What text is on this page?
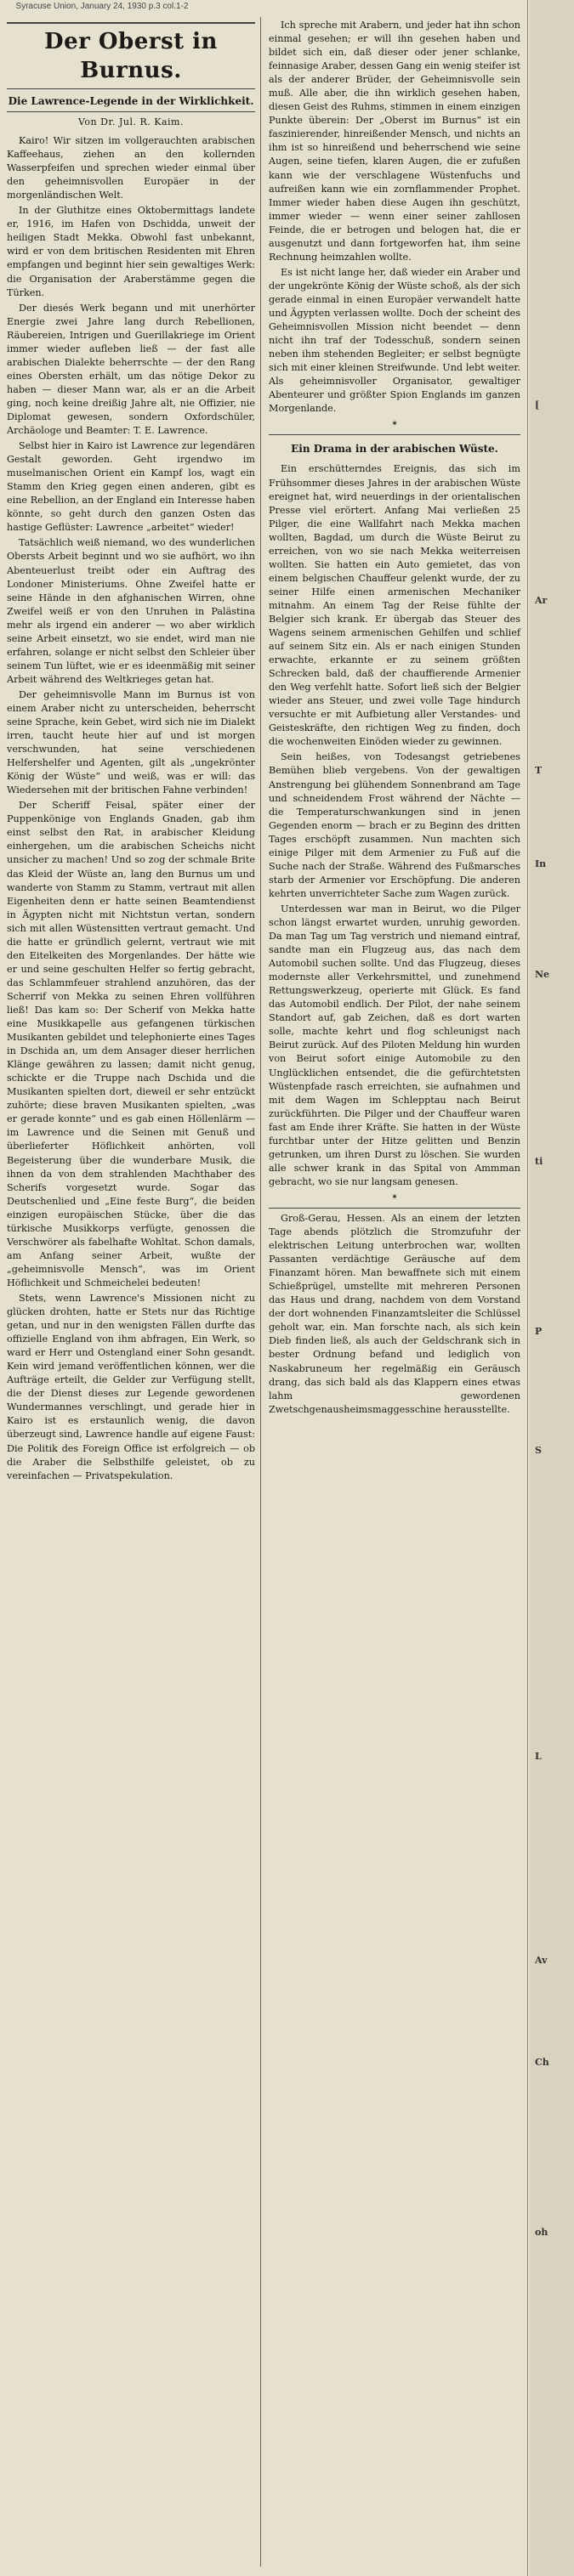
Syracuse Union, January 24, 1930 p.3 col.1-2
Der Oberst in Burnus.
Die Lawrence-Legende in der Wirklichkeit.
Von Dr. Jul. R. Kaim.

Kairo! Wir sitzen im vollgerauchten arabischen Kaffeehaus, ziehen an den kollernden Wasserpfeifen und sprechen wieder einmal über den geheimnisvollen Europäer in der morgenländischen Welt.

In der Gluthitze eines Oktobermittags landete er, 1916, im Hafen von Dschidda, unweit der heiligen Stadt Mekka. Obwohl fast unbekannt, wird er von dem britischen Residenten mit Ehren empfangen und beginnt hier sein gewaltiges Werk: die Organisation der Araberstämme gegen die Türken.

Der diesés Werk begann und mit unerhörter Energie zwei Jahre lang durch Rebellionen, Räubereien, Intrigen und Guerillakriege im Orient immer wieder aufleben ließ — der fast alle arabischen Dialekte beherrschte — der den Rang eines Obersten erhält, um das nötige Dekor zu haben — dieser Mann war, als er an die Arbeit ging, noch keine dreißig Jahre alt, nie Offizier, nie Diplomat gewesen, sondern Oxfordschüler, Archäologe und Beamter: T. E. Lawrence.

Selbst hier in Kairo ist Lawrence zur legendären Gestalt geworden. Geht irgendwo im muselmanischen Orient ein Kampf los, wagt ein Stamm den Krieg gegen einen anderen, gibt es eine Rebellion, an der England ein Interesse haben könnte, so geht durch den ganzen Osten das hastige Geflüster: Lawrence „arbeitet“ wieder!

Tatsächlich weiß niemand, wo des wunderlichen Obersts Arbeit beginnt und wo sie aufhört, wo ihn Abenteuerlust treibt oder ein Auftrag des Londoner Ministeriums. Ohne Zweifel hatte er seine Hände in den afghanischen Wirren, ohne Zweifel weiß er von den Unruhen in Palästina mehr als irgend ein anderer — wo aber wirklich seine Arbeit einsetzt, wo sie endet, wird man nie erfahren, solange er nicht selbst den Schleier über seinem Tun lüftet, wie er es ideenmäßig mit seiner Arbeit während des Weltkrieges getan hat.

Der geheimnisvolle Mann im Burnus ist von einem Araber nicht zu unterscheiden, beherrscht seine Sprache, kein Gebet, wird sich nie im Dialekt irren, taucht heute hier auf und ist morgen verschwunden, hat seine verschiedenen Helfershelfer und Agenten, gilt als „ungekrönter König der Wüste“ und weiß, was er will: das Wiedersehen mit der britischen Fahne verbinden!

Der Scheriff Feisal, später einer der Puppenkönige von Englands Gnaden, gab ihm einst selbst den Rat, in arabischer Kleidung einhergehen, um die arabischen Scheichs nicht unsicher zu machen! Und so zog der schmale Brite das Kleid der Wüste an, lang den Burnus um und wanderte von Stamm zu Stamm, vertraut mit allen Eigenheiten denn er hatte seinen Beamtendienst in Ägypten nicht mit Nichtstun vertan, sondern sich mit allen Wüstensitten vertraut gemacht. Und die hatte er gründlich gelernt, vertraut wie mit den Eitelkeiten des Morgenlandes. Der hätte wie er und seine geschulten Helfer so fertig gebracht, das Schlammfeuer strahlend anzuhören, das der Scherrif von Mekka zu seinen Ehren vollführen ließ! Das kam so: Der Scherif von Mekka hatte eine Musikkapelle aus gefangenen türkischen Musikanten gebildet und telephonierte eines Tages in Dschida an, um dem Ansager dieser herrlichen Klänge gewähren zu lassen; damit nicht genug, schickte er die Truppe nach Dschida und die Musikanten spielten dort, dieweil er sehr entzückt zuhörte; diese braven Musikanten spielten, „was er gerade konnte“ und es gab einen Höllenlärm — im Lawrence und die Seinen mit Genuß und überlieferter Höflichkeit anhörten, voll Begeisterung über die wunderbare Musik, die ihnen da von dem strahlenden Machthaber des Scherifs vorgesetzt wurde. Sogar das Deutschenlied und „Eine feste Burg“, die beiden einzigen europäischen Stücke, über die das türkische Musikkorps verfügte, genossen die Verschwörer als fabelhafte Wohltat. Schon damals, am Anfang seiner Arbeit, wußte der „geheimnisvolle Mensch“, was im Orient Höflichkeit und Schmeichelei bedeuten!

Stets, wenn Lawrence's Missionen nicht zu glücken drohten, hatte er Stets nur das Richtige getan, und nur in den wenigsten Fällen durfte das offizielle England von ihm abfragen, Ein Werk, so ward er Herr und Ostengland einer Sohn gesandt. Kein wird jemand veröffentlichen können, wer die Aufträge erteilt, die Gelder zur Verfügung stellt, die der Dienst dieses zur Legende gewordenen Wundermannes verschlingt, und gerade hier in Kairo ist es erstaunlich wenig, die davon überzeugt sind, Lawrence handle auf eigene Faust: Die Politik des Foreign Office ist erfolgreich — ob die Araber die Selbsthilfe geleistet, ob zu vereinfachen — Privatspekulation.

Ich spreche mit Arabern, und jeder hat ihn schon einmal gesehen; er will ihn gesehen haben und bildet sich ein, daß dieser oder jener schlanke, feinnasige Araber, dessen Gang ein wenig steifer ist als der anderer Brüder, der Geheimnisvolle sein muß. Alle aber, die ihn wirklich gesehen haben, diesen Geist des Ruhms, stimmen in einem einzigen Punkte überein: Der „Oberst im Burnus“ ist ein faszinierender, hinreißender Mensch, und nichts an ihm ist so hinreißend und beherrschend wie seine Augen, seine tiefen, klaren Augen, die er zufußen kann wie der verschlagene Wüstenfuchs und aufreißen kann wie ein zornflammender Prophet. Immer wieder haben diese Augen ihn geschützt, immer wieder — wenn einer seiner zahllosen Feinde, die er betrogen und belogen hat, die er ausgenutzt und dann fortgeworfen hat, ihm seine Rechnung heimzahlen wollte.

Es ist nicht lange her, daß wieder ein Araber und der ungekrönte König der Wüste schoß, als der sich gerade einmal in einen Europäer verwandelt hatte und Ägypten verlassen wollte. Doch der scheint des Geheimnisvollen Mission nicht beendet — denn nicht ihn traf der Todesschuß, sondern seinen neben ihm stehenden Begleiter; er selbst begnügte sich mit einer kleinen Streifwunde. Und lebt weiter. Als geheimnisvoller Organisator, gewaltiger Abenteurer und größter Spion Englands im ganzen Morgenlande.

✶
Ein Drama in der arabischen Wüste.

Ein erschütterndes Ereignis, das sich im Frühsommer dieses Jahres in der arabischen Wüste ereignet hat, wird neuerdings in der orientalischen Presse viel erörtert. Anfang Mai verließen 25 Pilger, die eine Wallfahrt nach Mekka machen wollten, Bagdad, um durch die Wüste Beirut zu erreichen, von wo sie nach Mekka weiterreisen wollten. Sie hatten ein Auto gemietet, das von einem belgischen Chauffeur gelenkt wurde, der zu seiner Hilfe einen armenischen Mechaniker mitnahm. An einem Tag der Reise fühlte der Belgier sich krank. Er übergab das Steuer des Wagens seinem armenischen Gehilfen und schlief auf seinem Sitz ein. Als er nach einigen Stunden erwachte, erkannte er zu seinem größten Schrecken bald, daß der chauffierende Armenier den Weg verfehlt hatte. Sofort ließ sich der Belgier wieder ans Steuer, und zwei volle Tage hindurch versuchte er mit Aufbietung aller Verstandes- und Geisteskräfte, den richtigen Weg zu finden, doch die wochenweiten Einöden wieder zu gewinnen.

Sein heißes, von Todesangst getriebenes Bemühen blieb vergebens. Von der gewaltigen Anstrengung bei glühendem Sonnenbrand am Tage und schneidendem Frost während der Nächte — die Temperaturschwankungen sind in jenen Gegenden enorm — brach er zu Beginn des dritten Tages erschöpft zusammen. Nun machten sich einige Pilger mit dem Armenier zu Fuß auf die Suche nach der Straße. Während des Fußmarsches starb der Armenier vor Erschöpfung. Die anderen kehrten unverrichteter Sache zum Wagen zurück.

Unterdessen war man in Beirut, wo die Pilger schon längst erwartet wurden, unruhig geworden. Da man Tag um Tag verstrich und niemand eintraf, sandte man ein Flugzeug aus, das nach dem Automobil suchen sollte. Und das Flugzeug, dieses modernste aller Verkehrsmittel, und zunehmend Rettungswerkzeug, operierte mit Glück. Es fand das Automobil endlich. Der Pilot, der nahe seinem Standort auf, gab Zeichen, daß es dort warten solle, machte kehrt und flog schleunigst nach Beirut zurück. Auf des Piloten Meldung hin wurden von Beirut sofort einige Automobile zu den Unglücklichen entsendet, die die gefürchtetsten Wüstenpfade rasch erreichten, sie aufnahmen und mit dem Wagen im Schlepptau nach Beirut zurückführten. Die Pilger und der Chauffeur waren fast am Ende ihrer Kräfte. Sie hatten in der Wüste furchtbar unter der Hitze gelitten und Benzin getrunken, um ihren Durst zu löschen. Sie wurden alle schwer krank in das Spital von Ammman gebracht, wo sie nur langsam genesen.

✶

Groß-Gerau, Hessen. Als an einem der letzten Tage abends plötzlich die Stromzufuhr der elektrischen Leitung unterbrochen war, wollten Passanten verdächtige Geräusche auf dem Finanzamt hören. Man bewaffnete sich mit einem Schießprügel, umstellte mit mehreren Personen das Haus und drang, nachdem von dem Vorstand der dort wohnenden Finanzamtsleiter die Schlüssel geholt war, ein. Man forschte nach, als sich kein Dieb finden ließ, als auch der Geldschrank sich in bester Ordnung befand und lediglich von Naskabruneum her regelmäßig ein Geräusch drang, das sich bald als das Klappern eines etwas lahm gewordenen Zwetschgenausheimsmaggesschine herausstellte.

[
Ar
T
In
Ne
ti
P
S
L
Av
Ch
oh
